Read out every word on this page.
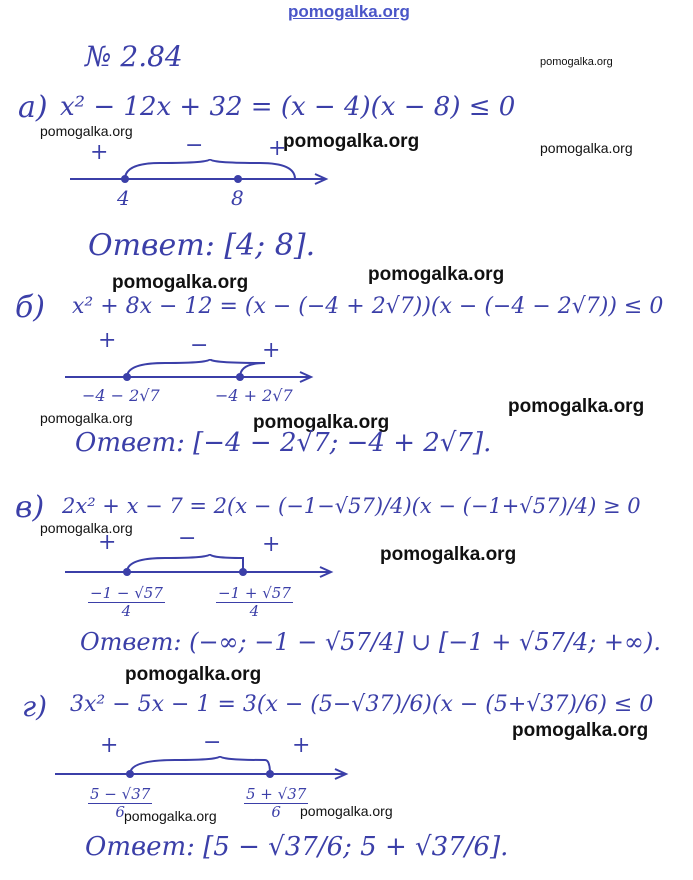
pomogalka.org
№ 2.84	pomogalka.org
а) x² − 12x + 32 = (x − 4)(x − 8) ≤ 0
pomogalka.org	pomogalka.org	pomogalka.org
+	−	+
4	8
Ответ: [4; 8].
pomogalka.org	pomogalka.org
б) x² + 8x − 12 = (x − (−4 + 2√7))(x − (−4 − 2√7)) ≤ 0
+	− +
−4 − 2√7	−4 + 2√7
pomogalka.org	pomogalka.org
pomogalka.org
Ответ: [−4 − 2√7; −4 + 2√7].
в) 2x² + x − 7 = 2(x − (−1−√57)/4)(x − (−1+√57)/4) ≥ 0
pomogalka.org
pomogalka.org
+	−	+
$\frac{-1 - √57}{4}$	$\frac{-1 + √57}{4}$
Ответ: (−∞; −1 − √57/4] ∪ [−1 + √57/4; +∞).
pomogalka.org
г) 3x² − 5x − 1 = 3(x − (5−√37)/6)(x − (5+√37)/6) ≤ 0
pomogalka.org
+	−	+
$\frac{5 - √37}{6}$	$\frac{5 + √37}{6}$
pomogalka.org	pomogalka.org
Ответ: [5 − √37/6; 5 + √37/6].
